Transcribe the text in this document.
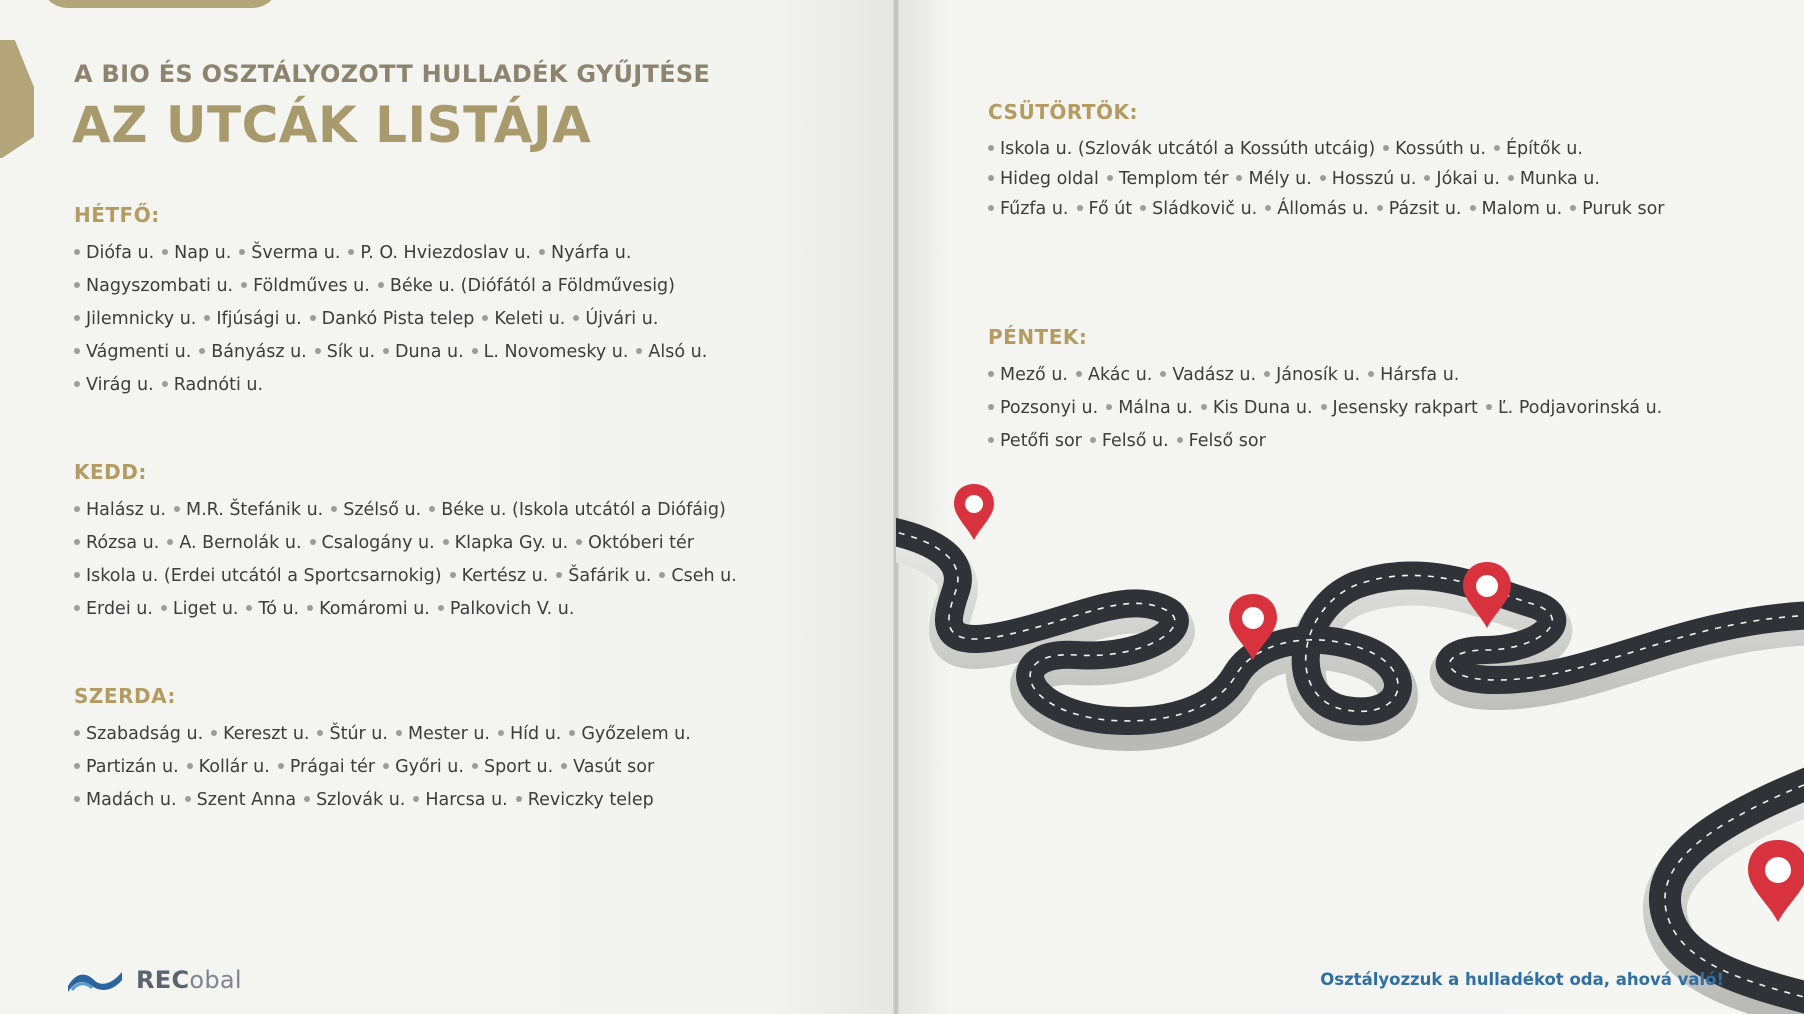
A BIO ÉS OSZTÁLYOZOTT HULLADÉK GYŰJTÉSE
AZ UTCÁK LISTÁJA
HÉTFŐ:
Diófa u. Nap u. Šverma u. P. O. Hviezdoslav u. Nyárfa u.
Nagyszombati u. Földműves u. Béke u. (Diófától a Földművesig)
Jilemnicky u. Ifjúsági u. Dankó Pista telep Keleti u. Újvári u.
Vágmenti u. Bányász u. Sík u. Duna u. L. Novomesky u. Alsó u.
Virág u. Radnóti u.
KEDD:
Halász u. M.R. Štefánik u. Szélső u. Béke u. (Iskola utcától a Diófáig)
Rózsa u. A. Bernolák u. Csalogány u. Klapka Gy. u. Októberi tér
Iskola u. (Erdei utcától a Sportcsarnokig) Kertész u. Šafárik u. Cseh u.
Erdei u. Liget u. Tó u. Komáromi u. Palkovich V. u.
SZERDA:
Szabadság u. Kereszt u. Štúr u. Mester u. Híd u. Győzelem u.
Partizán u. Kollár u. Prágai tér Győri u. Sport u. Vasút sor
Madách u. Szent Anna Szlovák u. Harcsa u. Reviczky telep
RECobal
CSÜTÖRTÖK:
Iskola u. (Szlovák utcától a Kossúth utcáig) Kossúth u. Építők u.
Hideg oldal Templom tér Mély u. Hosszú u. Jókai u. Munka u.
Fűzfa u. Fő út Sládkovič u. Állomás u. Pázsit u. Malom u. Puruk sor
PÉNTEK:
Mező u. Akác u. Vadász u. Jánosík u. Hársfa u.
Pozsonyi u. Málna u. Kis Duna u. Jesensky rakpart Ľ. Podjavorinská u.
Petőfi sor Felső u. Felső sor
Osztályozzuk a hulladékot oda, ahová való!
